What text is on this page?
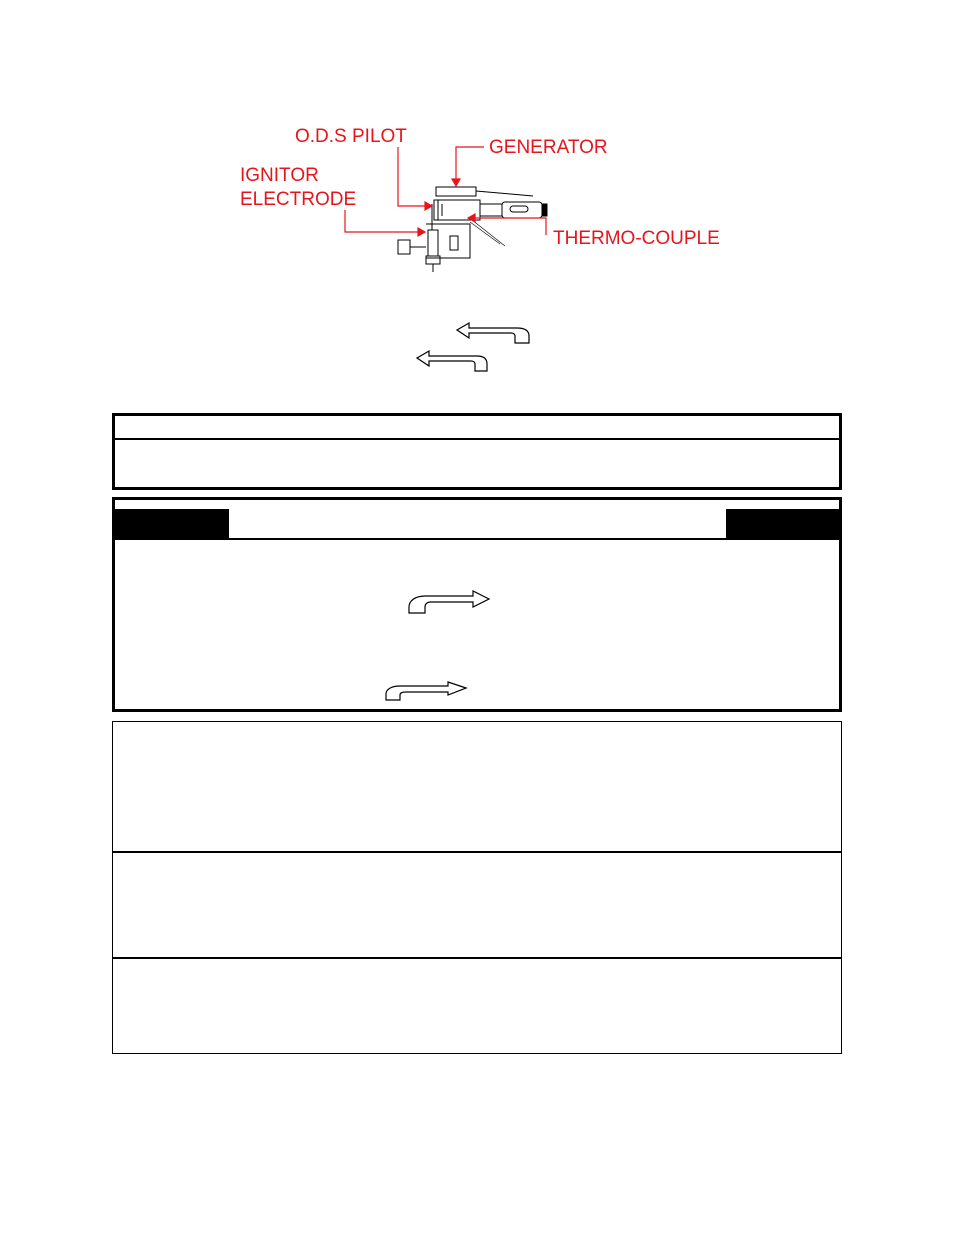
O.D.S PILOT
GENERATOR
IGNITOR
ELECTRODE
THERMO-COUPLE
